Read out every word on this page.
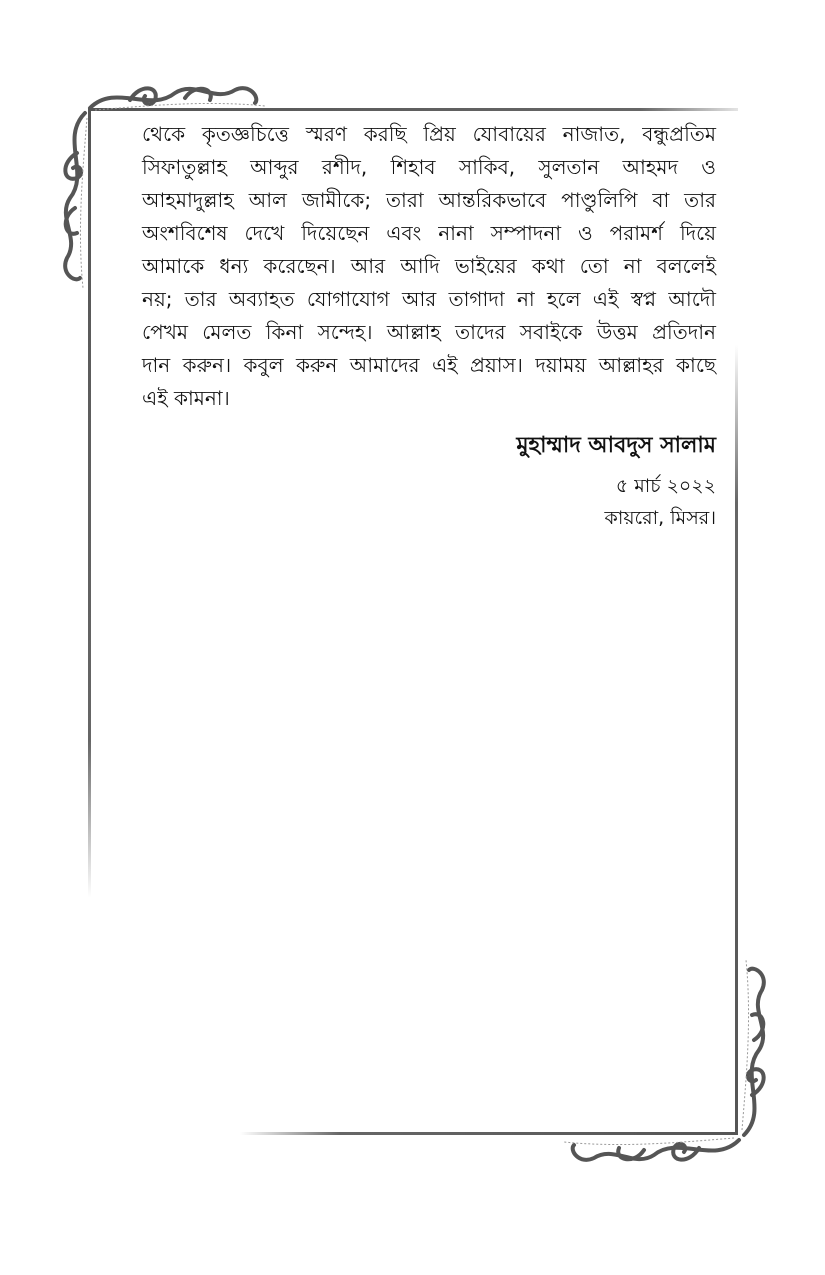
থেকে কৃতজ্ঞচিত্তে স্মরণ করছি প্রিয় যোবায়ের নাজাত, বন্ধুপ্রতিম
সিফাতুল্লাহ আব্দুর রশীদ, শিহাব সাকিব, সুলতান আহমদ ও
আহমাদুল্লাহ আল জামীকে; তারা আন্তরিকভাবে পাণ্ডুলিপি বা তার
অংশবিশেষ দেখে দিয়েছেন এবং নানা সম্পাদনা ও পরামর্শ দিয়ে
আমাকে ধন্য করেছেন। আর আদি ভাইয়ের কথা তো না বললেই
নয়; তার অব্যাহত যোগাযোগ আর তাগাদা না হলে এই স্বপ্ন আদৌ
পেখম মেলত কিনা সন্দেহ। আল্লাহ তাদের সবাইকে উত্তম প্রতিদান
দান করুন। কবুল করুন আমাদের এই প্রয়াস। দয়াময় আল্লাহর কাছে
এই কামনা।
মুহাম্মাদ আবদুস সালাম
৫ মার্চ ২০২২
কায়রো, মিসর।
